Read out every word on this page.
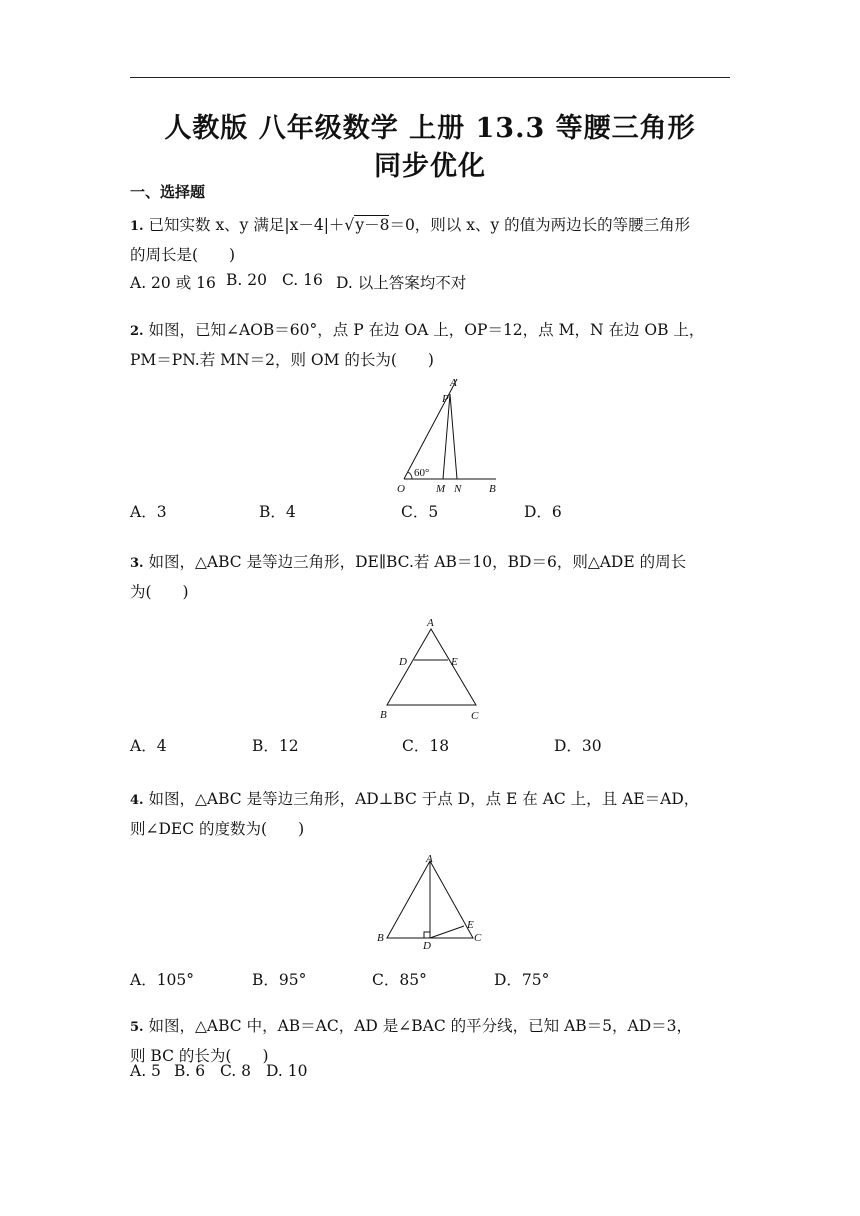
人教版 八年级数学 上册 13.3 等腰三角形
同步优化
一、选择题
1. 已知实数 x、y 满足|x－4|＋√y－8＝0，则以 x、y 的值为两边长的等腰三角形
的周长是(　　)
A. 20 或 16 B. 20 C. 16 D. 以上答案均不对
2. 如图，已知∠AOB＝60°，点 P 在边 OA 上，OP＝12，点 M，N 在边 OB 上，
PM＝PN.若 MN＝2，则 OM 的长为(　　)
A
P
60°
O	M N	B
A．3	B．4	C．5	D．6
3. 如图，△ABC 是等边三角形，DE∥BC.若 AB＝10，BD＝6，则△ADE 的周长
为(　　)
A
D	E
B	C
A．4	B．12	C．18	D．30
4. 如图，△ABC 是等边三角形，AD⊥BC 于点 D，点 E 在 AC 上，且 AE＝AD，
则∠DEC 的度数为(　　)
A
B	C
D
E
A．105°	B．95°	C．85°	D．75°
5. 如图，△ABC 中，AB＝AC，AD 是∠BAC 的平分线，已知 AB＝5，AD＝3，
则 BC 的长为(　　)
A. 5 B. 6 C. 8 D. 10
